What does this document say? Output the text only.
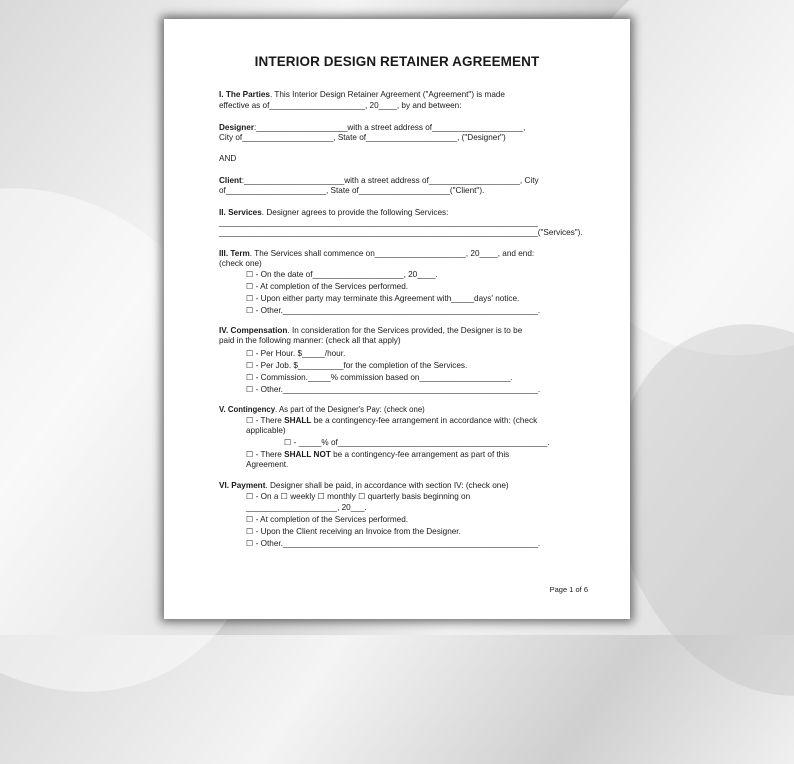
INTERIOR DESIGN RETAINER AGREEMENT
I. The Parties. This Interior Design Retainer Agreement ("Agreement") is made
effective as of_____________________, 20____, by and between:
Designer:____________________with a street address of____________________,
City of____________________, State of____________________, ("Designer")
AND
Client:______________________with a street address of____________________, City
of______________________, State of____________________("Client").
II. Services. Designer agrees to provide the following Services:
______________________________________________________________________
______________________________________________________________________("Services").
III. Term. The Services shall commence on____________________, 20____, and end:
(check one)
☐ - On the date of____________________, 20____.
☐ - At completion of the Services performed.
☐ - Upon either party may terminate this Agreement with_____days' notice.
☐ - Other.________________________________________________________.
IV. Compensation. In consideration for the Services provided, the Designer is to be
paid in the following manner: (check all that apply)
☐ - Per Hour. $_____/hour.
☐ - Per Job. $__________for the completion of the Services.
☐ - Commission._____% commission based on____________________.
☐ - Other.________________________________________________________.
V. Contingency. As part of the Designer's Pay: (check one)
☐ - There SHALL be a contingency-fee arrangement in accordance with: (check
applicable)
☐ - _____% of______________________________________________.
☐ - There SHALL NOT be a contingency-fee arrangement as part of this
Agreement.
VI. Payment. Designer shall be paid, in accordance with section IV: (check one)
☐ - On a ☐ weekly ☐ monthly ☐ quarterly basis beginning on
____________________, 20___.
☐ - At completion of the Services performed.
☐ - Upon the Client receiving an Invoice from the Designer.
☐ - Other.________________________________________________________.
Page 1 of 6
